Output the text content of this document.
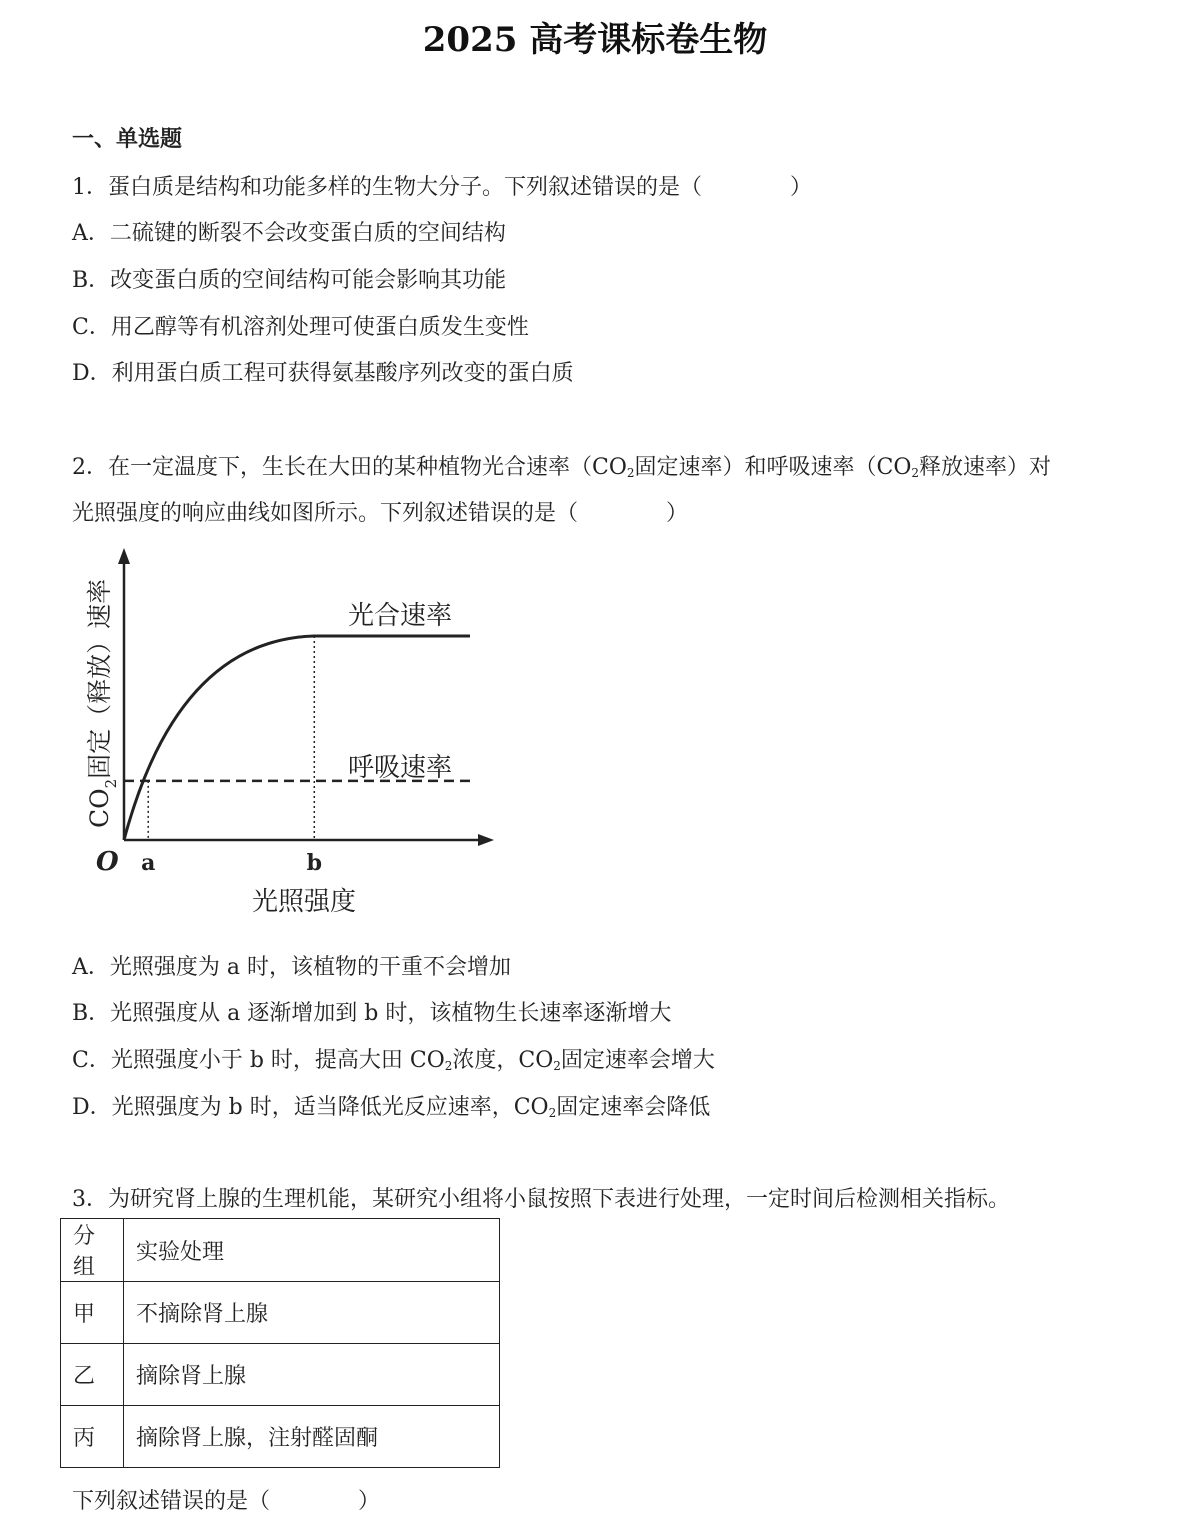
2025 高考课标卷生物
一、单选题
1．蛋白质是结构和功能多样的生物大分子。下列叙述错误的是（　　　　）
A．二硫键的断裂不会改变蛋白质的空间结构
B．改变蛋白质的空间结构可能会影响其功能
C．用乙醇等有机溶剂处理可使蛋白质发生变性
D．利用蛋白质工程可获得氨基酸序列改变的蛋白质
2．在一定温度下，生长在大田的某种植物光合速率（$CO_2$固定速率）和呼吸速率（$CO_2$释放速率）对
光照强度的响应曲线如图所示。下列叙述错误的是（　　　　）
光合速率
呼吸速率
O a	b
光照强度
$CO_2$固定（释放）速率
A．光照强度为 a 时，该植物的干重不会增加
B．光照强度从 a 逐渐增加到 b 时，该植物生长速率逐渐增大
C．光照强度小于 b 时，提高大田 $CO_2$浓度，$CO_2$固定速率会增大
D．光照强度为 b 时，适当降低光反应速率，$CO_2$固定速率会降低
3．为研究肾上腺的生理机能，某研究小组将小鼠按照下表进行处理，一定时间后检测相关指标。
分组	实验处理
甲	不摘除肾上腺
乙	摘除肾上腺
丙	摘除肾上腺，注射醛固酮
下列叙述错误的是（　　　　）
